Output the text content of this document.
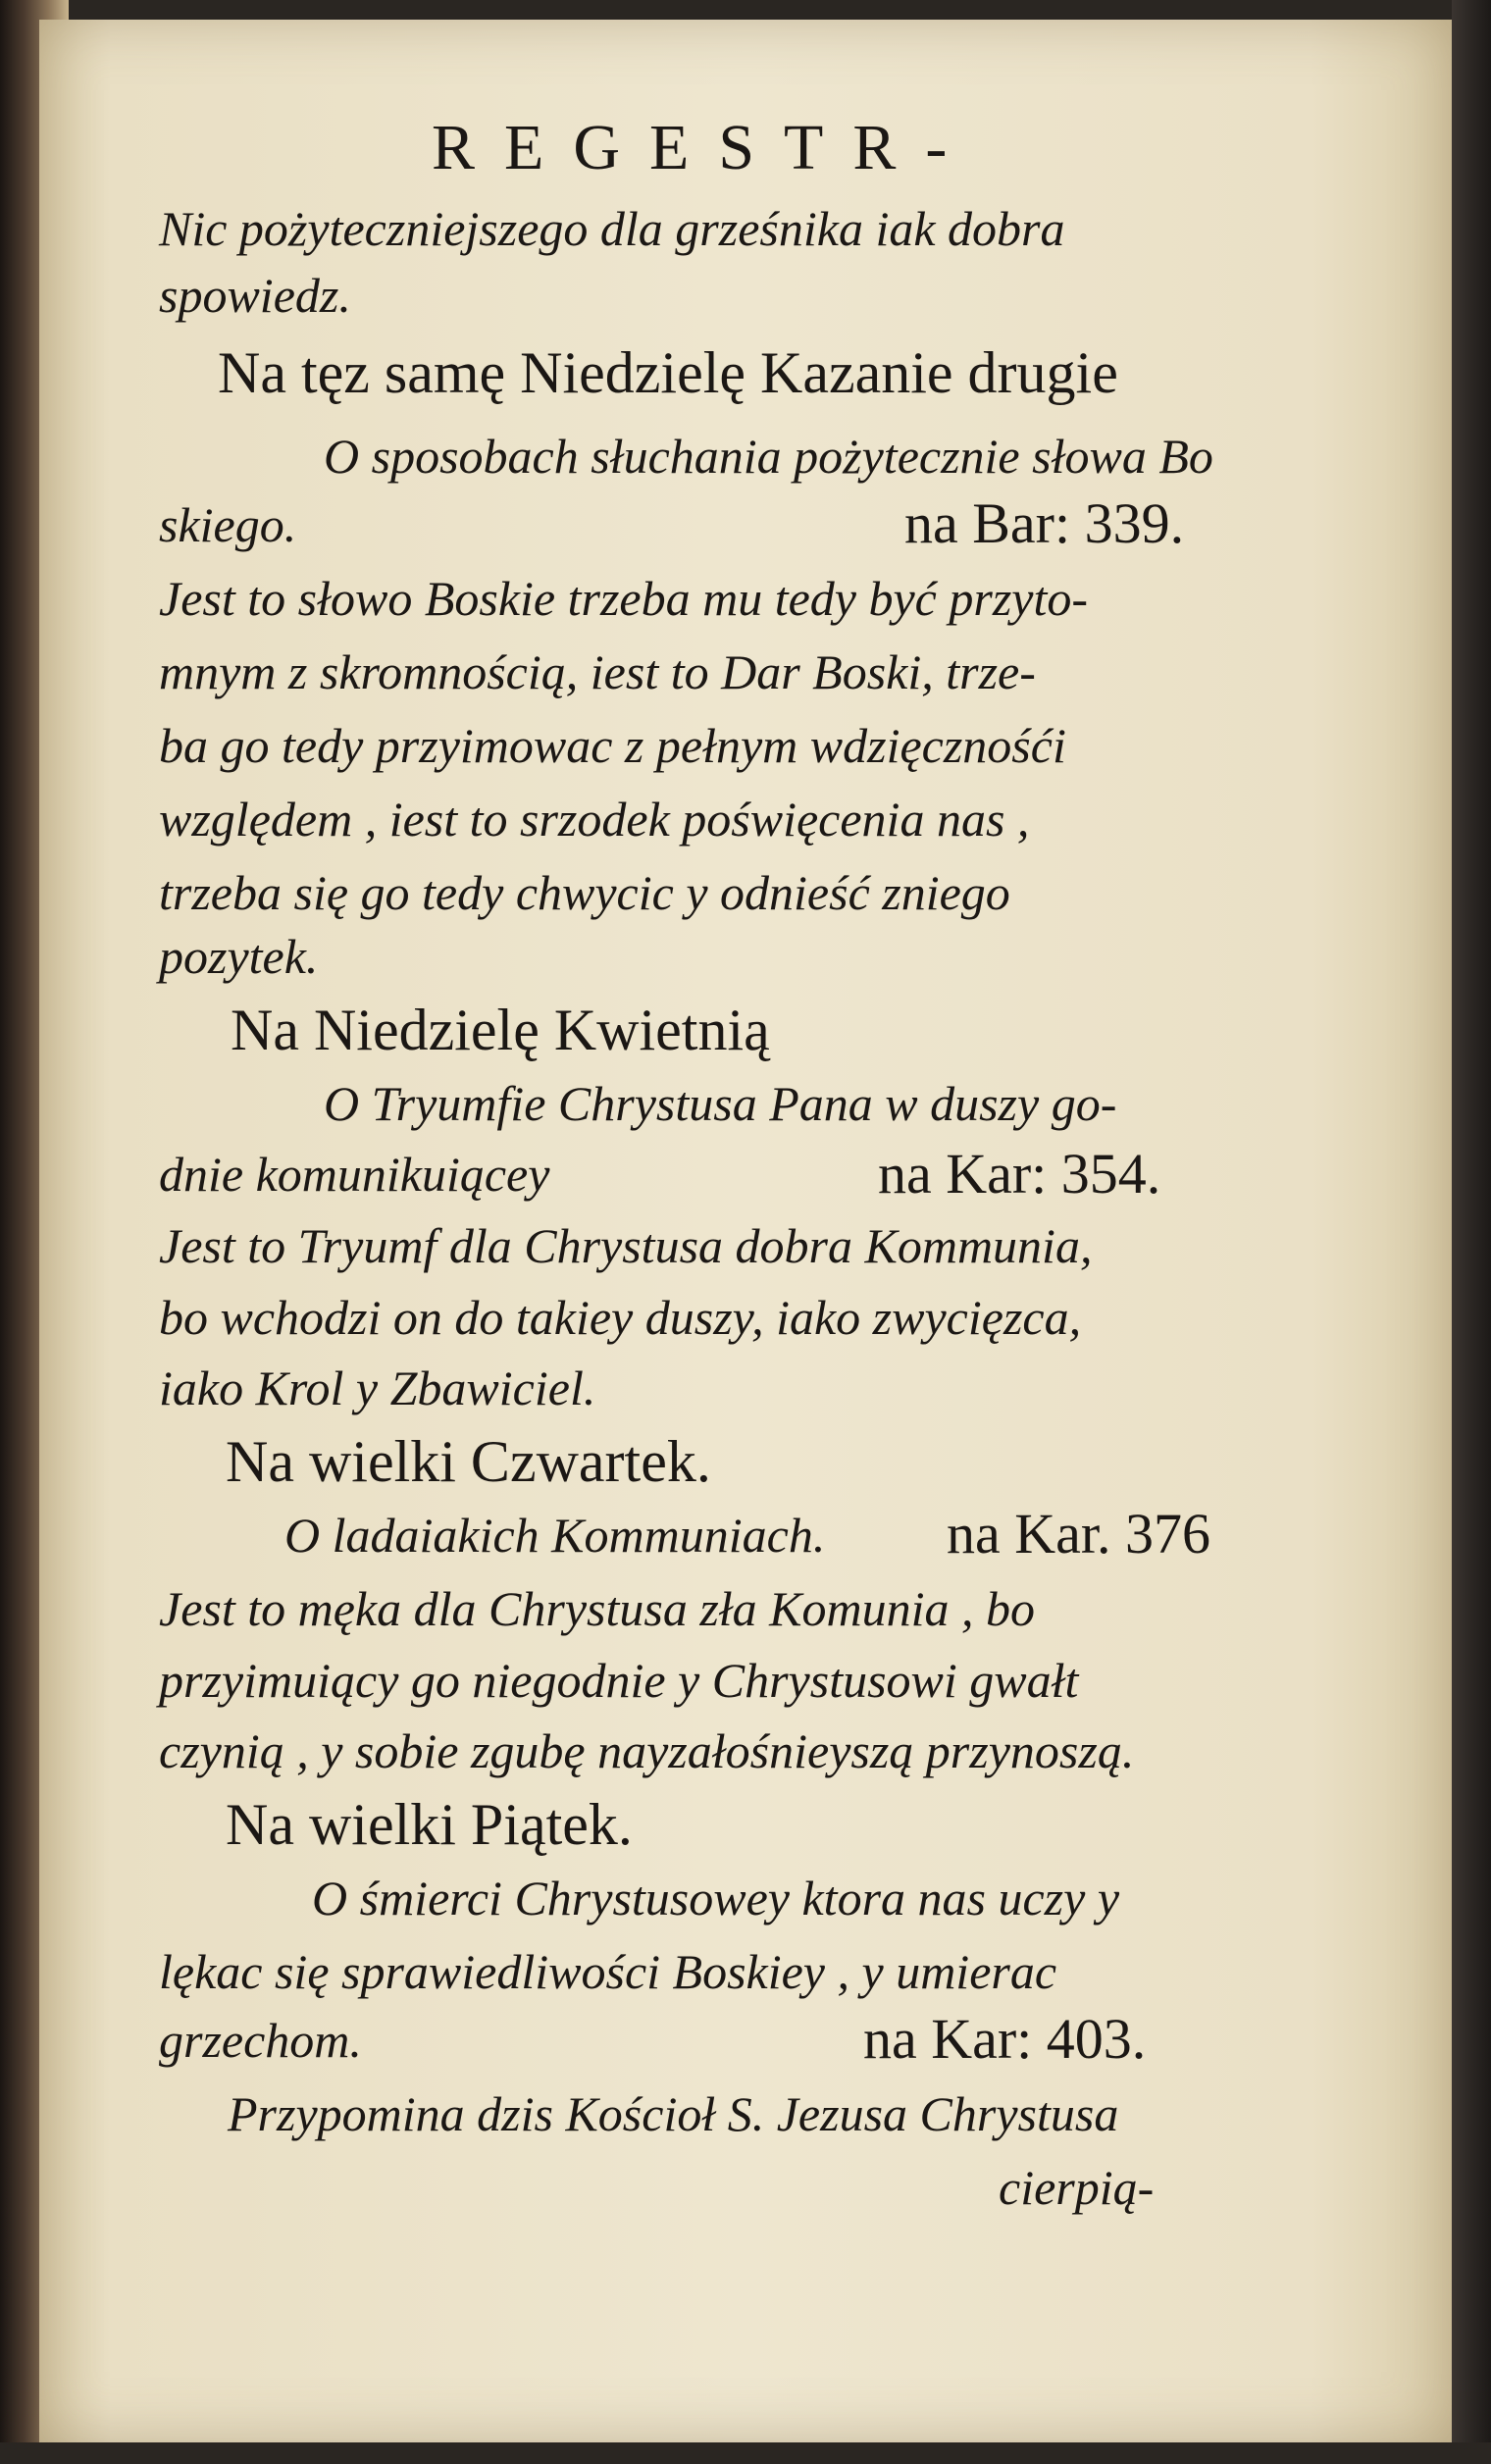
REGESTR-
Nic pożyteczniejszego dla grześnika iak dobra
spowiedz.
Na tęz samę Niedzielę Kazanie drugie
O sposobach słuchania pożytecznie słowa Bo
skiego.	na Bar: 339.
Jest to słowo Boskie trzeba mu tedy być przyto-
mnym z skromnością, iest to Dar Boski, trze-
ba go tedy przyimowac z pełnym wdzięcznośći
względem , iest to srzodek poświęcenia nas ,
trzeba się go tedy chwycic y odnieść zniego
pozytek.
Na Niedzielę Kwietnią
O Tryumfie Chrystusa Pana w duszy go-
dnie komunikuiącey	na Kar: 354.
Jest to Tryumf dla Chrystusa dobra Kommunia,
bo wchodzi on do takiey duszy, iako zwycięzca,
iako Krol y Zbawiciel.
Na wielki Czwartek.
O ladaiakich Kommuniach. na Kar. 376
Jest to męka dla Chrystusa zła Komunia , bo
przyimuiący go niegodnie y Chrystusowi gwałt
czynią , y sobie zgubę nayzałośnieyszą przynoszą.
Na wielki Piątek.
O śmierci Chrystusowey ktora nas uczy y
lękac się sprawiedliwości Boskiey , y umierac
grzechom.	na Kar: 403.
Przypomina dzis Kościoł S. Jezusa Chrystusa
cierpią-
